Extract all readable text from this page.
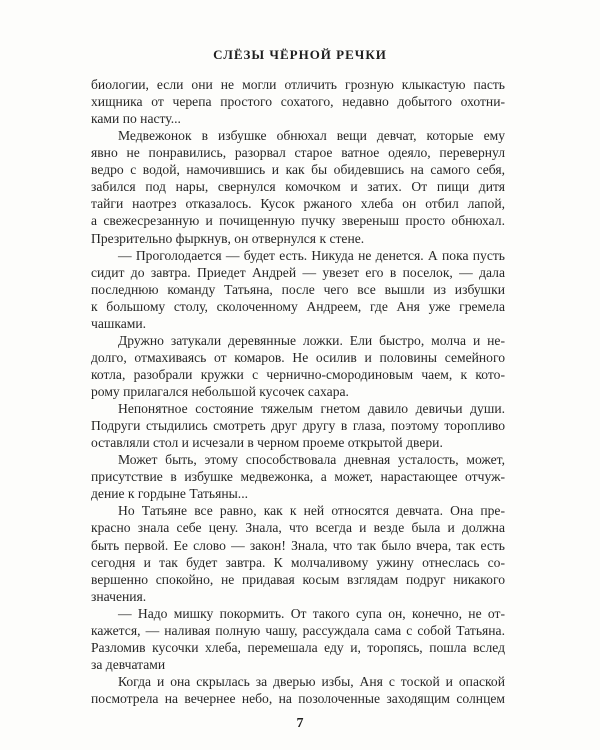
СЛЁЗЫ ЧЁРНОЙ РЕЧКИ
биологии, если они не могли отличить грозную клыкастую пасть
хищника от черепа простого сохатого, недавно добытого охотни-
ками по насту...
Медвежонок в избушке обнюхал вещи девчат, которые ему
явно не понравились, разорвал старое ватное одеяло, перевернул
ведро с водой, намочившись и как бы обидевшись на самого себя,
забился под нары, свернулся комочком и затих. От пищи дитя
тайги наотрез отказалось. Кусок ржаного хлеба он отбил лапой,
а свежесрезанную и почищенную пучку звереныш просто обнюхал.
Презрительно фыркнув, он отвернулся к стене.
— Проголодается — будет есть. Никуда не денется. А пока пусть
сидит до завтра. Приедет Андрей — увезет его в поселок, — дала
последнюю команду Татьяна, после чего все вышли из избушки
к большому столу, сколоченному Андреем, где Аня уже гремела
чашками.
Дружно затукали деревянные ложки. Ели быстро, молча и не-
долго, отмахиваясь от комаров. Не осилив и половины семейного
котла, разобрали кружки с чернично-смородиновым чаем, к кото-
рому прилагался небольшой кусочек сахара.
Непонятное состояние тяжелым гнетом давило девичьи души.
Подруги стыдились смотреть друг другу в глаза, поэтому торопливо
оставляли стол и исчезали в черном проеме открытой двери.
Может быть, этому способствовала дневная усталость, может,
присутствие в избушке медвежонка, а может, нарастающее отчуж-
дение к гордыне Татьяны...
Но Татьяне все равно, как к ней относятся девчата. Она пре-
красно знала себе цену. Знала, что всегда и везде была и должна
быть первой. Ее слово — закон! Знала, что так было вчера, так есть
сегодня и так будет завтра. К молчаливому ужину отнеслась со-
вершенно спокойно, не придавая косым взглядам подруг никакого
значения.
— Надо мишку покормить. От такого супа он, конечно, не от-
кажется, — наливая полную чашу, рассуждала сама с собой Татьяна.
Разломив кусочки хлеба, перемешала еду и, торопясь, пошла вслед
за девчатами
Когда и она скрылась за дверью избы, Аня с тоской и опаской
посмотрела на вечернее небо, на позолоченные заходящим солнцем
7
